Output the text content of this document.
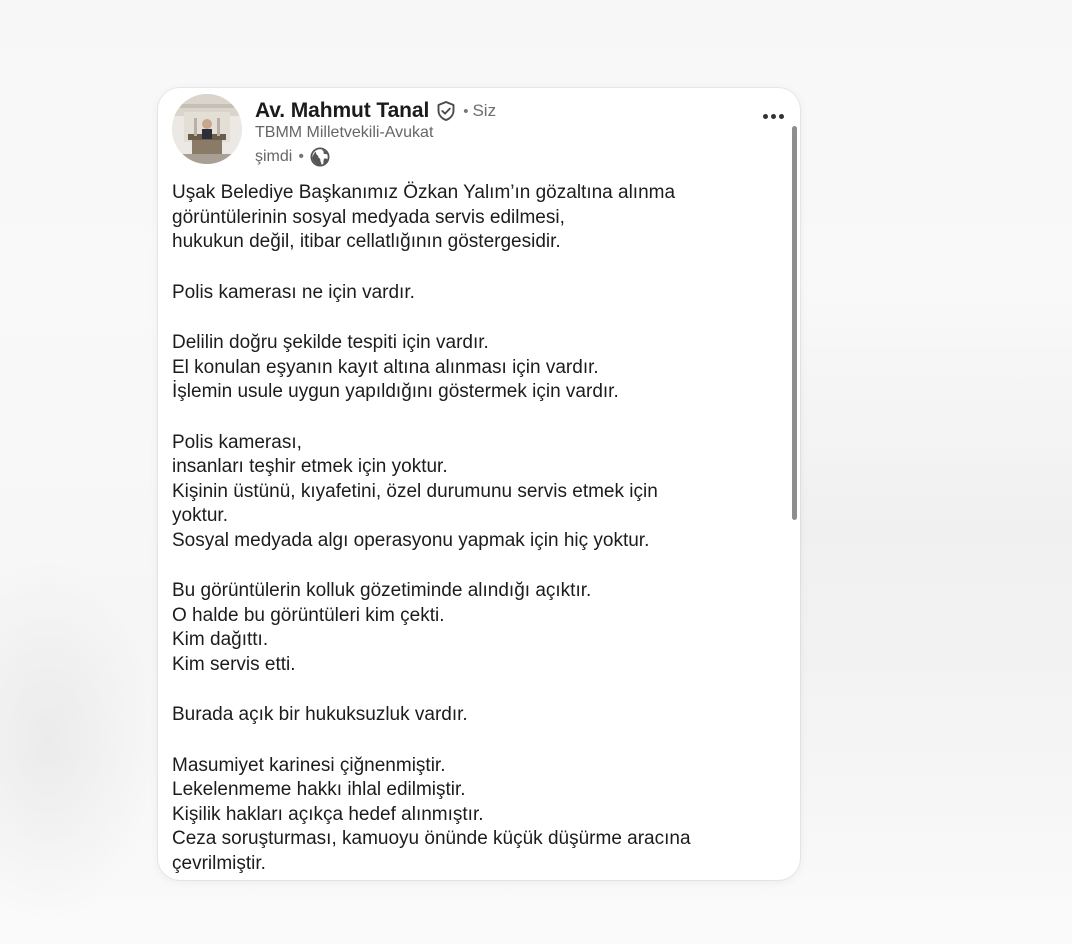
Av. Mahmut Tanal • Siz
TBMM Milletvekili-Avukat
şimdi •
Uşak Belediye Başkanımız Özkan Yalım’ın gözaltına alınma
görüntülerinin sosyal medyada servis edilmesi,
hukukun değil, itibar cellatlığının göstergesidir.
Polis kamerası ne için vardır.
Delilin doğru şekilde tespiti için vardır.
El konulan eşyanın kayıt altına alınması için vardır.
İşlemin usule uygun yapıldığını göstermek için vardır.
Polis kamerası,
insanları teşhir etmek için yoktur.
Kişinin üstünü, kıyafetini, özel durumunu servis etmek için
yoktur.
Sosyal medyada algı operasyonu yapmak için hiç yoktur.
Bu görüntülerin kolluk gözetiminde alındığı açıktır.
O halde bu görüntüleri kim çekti.
Kim dağıttı.
Kim servis etti.
Burada açık bir hukuksuzluk vardır.
Masumiyet karinesi çiğnenmiştir.
Lekelenmeme hakkı ihlal edilmiştir.
Kişilik hakları açıkça hedef alınmıştır.
Ceza soruşturması, kamuoyu önünde küçük düşürme aracına
çevrilmiştir.
